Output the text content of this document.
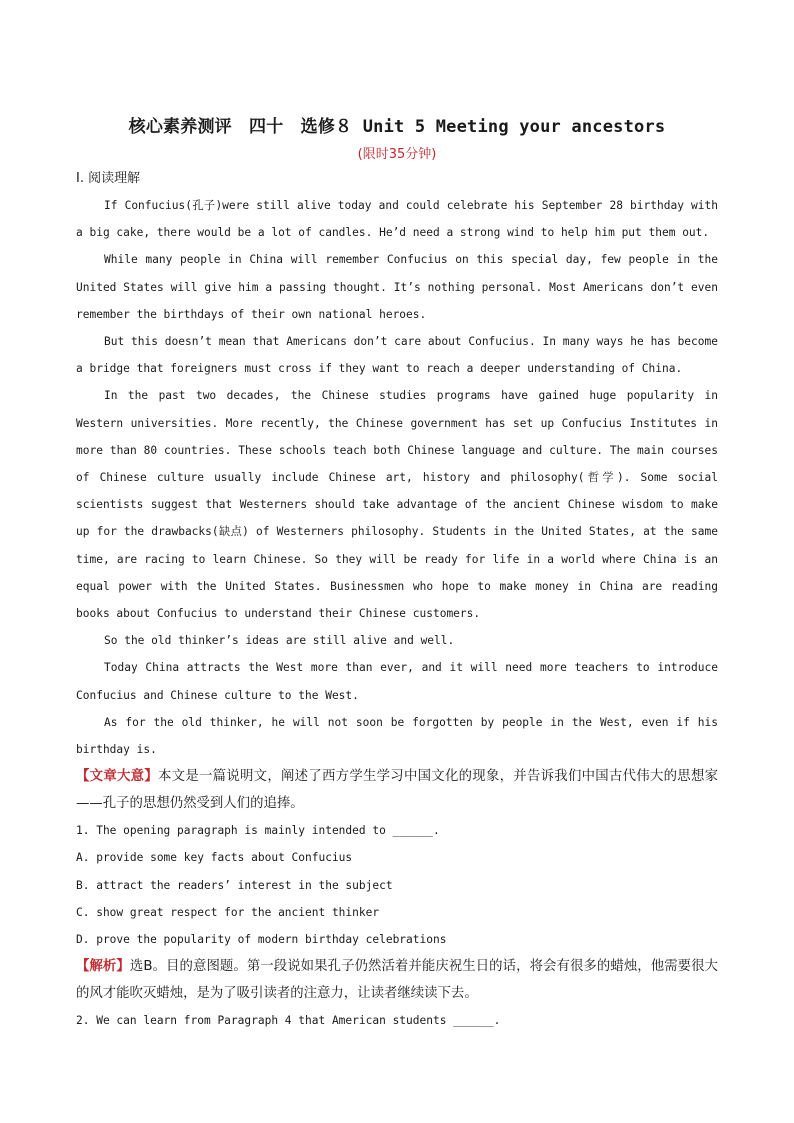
核心素养测评　四十　选修８ Unit 5 Meeting your ancestors
(限时35分钟)
Ⅰ. 阅读理解

If Confucius(孔子)were still alive today and could celebrate his September 28 birthday with a big cake, there would be a lot of candles. He’d need a strong wind to help him put them out.

While many people in China will remember Confucius on this special day, few people in the United States will give him a passing thought. It’s nothing personal. Most Americans don’t even remember the birthdays of their own national heroes.

But this doesn’t mean that Americans don’t care about Confucius. In many ways he has become a bridge that foreigners must cross if they want to reach a deeper understanding of China.

In the past two decades, the Chinese studies programs have gained huge popularity in Western universities. More recently, the Chinese government has set up Confucius Institutes in more than 80 countries. These schools teach both Chinese language and culture. The main courses of Chinese culture usually include Chinese art, history and philosophy(哲学). Some social scientists suggest that Westerners should take advantage of the ancient Chinese wisdom to make up for the drawbacks(缺点) of Westerners philosophy. Students in the United States, at the same time, are racing to learn Chinese. So they will be ready for life in a world where China is an equal power with the United States. Businessmen who hope to make money in China are reading books about Confucius to understand their Chinese customers.

So the old thinker’s ideas are still alive and well.

Today China attracts the West more than ever, and it will need more teachers to introduce Confucius and Chinese culture to the West.

As for the old thinker, he will not soon be forgotten by people in the West, even if his birthday is.

【文章大意】本文是一篇说明文，阐述了西方学生学习中国文化的现象，并告诉我们中国古代伟大的思想家——孔子的思想仍然受到人们的追捧。

1. The opening paragraph is mainly intended to ______.

A. provide some key facts about Confucius

B. attract the readers’ interest in the subject

C. show great respect for the ancient thinker

D. prove the popularity of modern birthday celebrations

【解析】选B。目的意图题。第一段说如果孔子仍然活着并能庆祝生日的话，将会有很多的蜡烛，他需要很大的风才能吹灭蜡烛，是为了吸引读者的注意力，让读者继续读下去。

2. We can learn from Paragraph 4 that American students ______.
